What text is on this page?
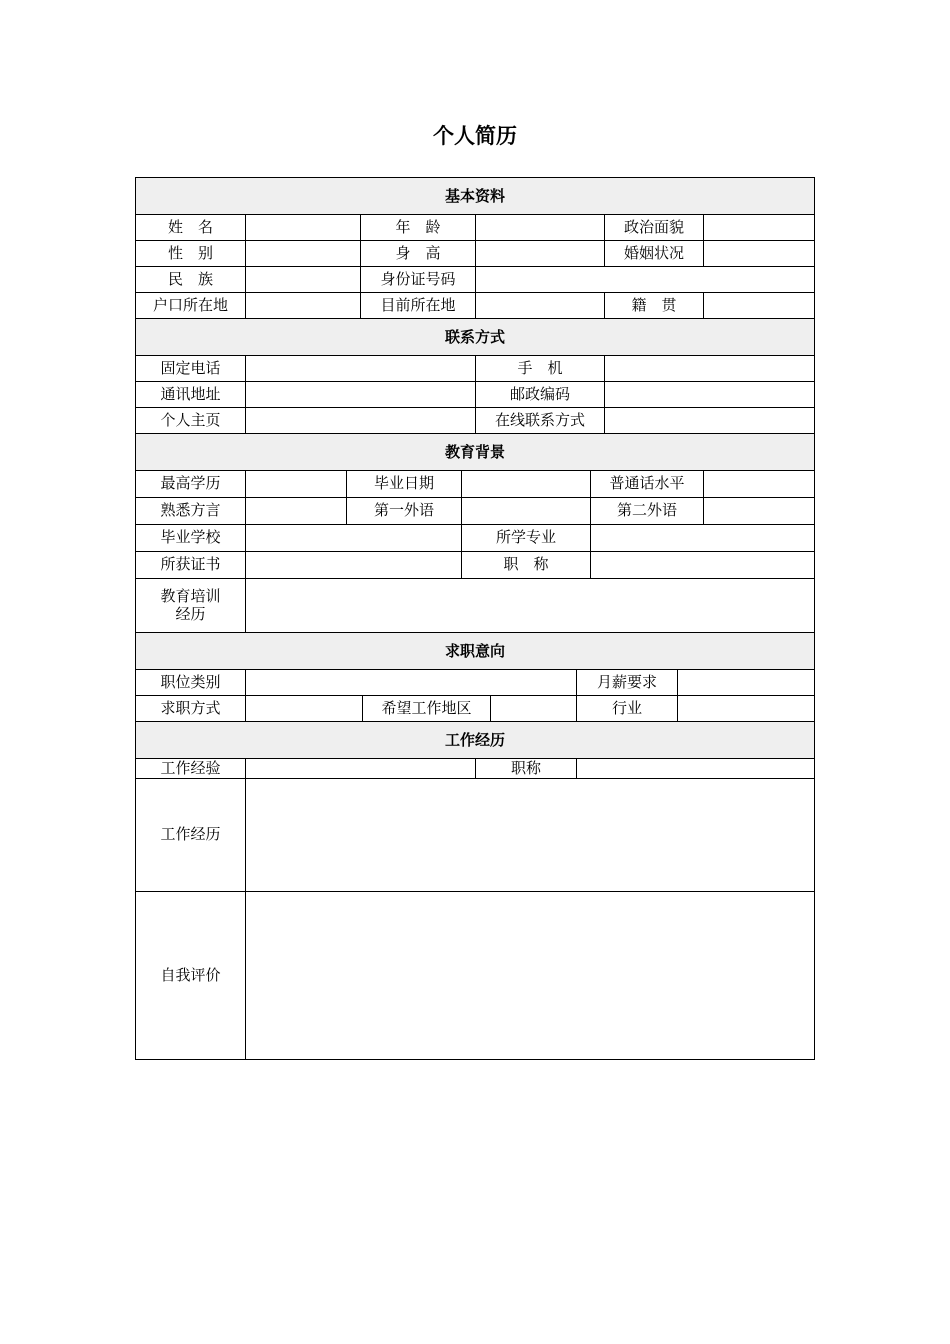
个人简历
基本资料
姓　名	年　龄	政治面貌
性　别	身　高	婚姻状况
民　族	身份证号码
户口所在地	目前所在地	籍　贯
联系方式
固定电话	手　机
通讯地址	邮政编码
个人主页	在线联系方式
教育背景
最高学历	毕业日期	普通话水平
熟悉方言	第一外语	第二外语
毕业学校	所学专业
所获证书	职　称
教育培训
经历
求职意向
职位类别	月薪要求
求职方式	希望工作地区	行业
工作经历
工作经验	职称
工作经历
自我评价
